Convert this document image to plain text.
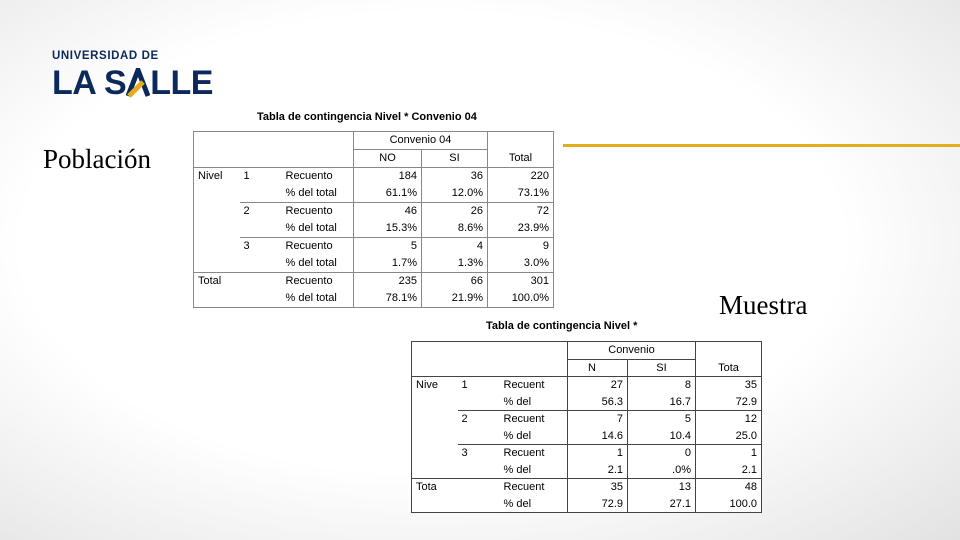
UNIVERSIDAD DE
LA S LLE
Población
Muestra
Tabla de contingencia Nivel * Convenio 04
			Convenio 04		Total
			NO	SI	
Nivel	1	Recuento	184	36	220
		% del total	61.1%	12.0%	73.1%
	2	Recuento	46	26	72
		% del total	15.3%	8.6%	23.9%
	3	Recuento	5	4	9
		% del total	1.7%	1.3%	3.0%
Total		Recuento	235	66	301
		% del total	78.1%	21.9%	100.0%
Tabla de contingencia Nivel *
			Convenio		Tota
			N	SI	
Nive	1	Recuent	27	8	35
		% del	56.3	16.7	72.9
	2	Recuent	7	5	12
		% del	14.6	10.4	25.0
	3	Recuent	1	0	1
		% del	2.1	.0%	2.1
Tota		Recuent	35	13	48
		% del	72.9	27.1	100.0
